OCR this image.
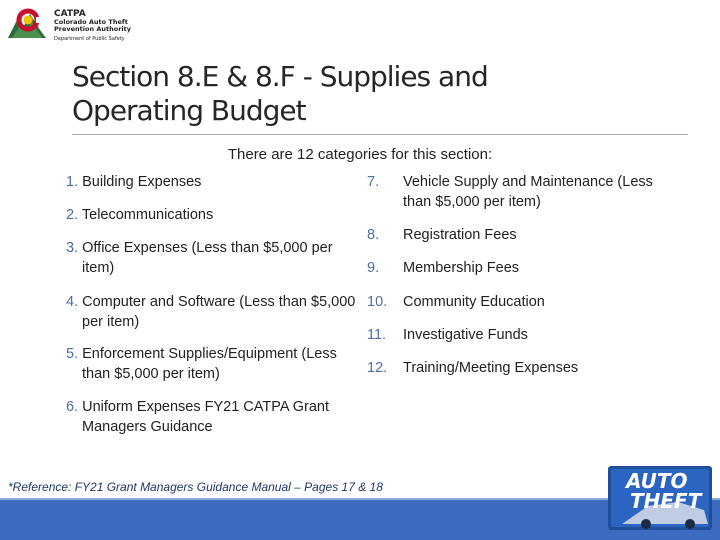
CATPA
Colorado Auto Theft
Prevention Authority
Department of Public Safety
Section 8.E & 8.F - Supplies and
Operating Budget
There are 12 categories for this section:
1. Building Expenses
2. Telecommunications
3. Office Expenses (Less than $5,000 per item)
4. Computer and Software (Less than $5,000 per item)
5. Enforcement Supplies/Equipment (Less than $5,000 per item)
6. Uniform Expenses FY21 CATPA Grant Managers Guidance
7. Vehicle Supply and Maintenance (Less than $5,000 per item)
8. Registration Fees
9. Membership Fees
10. Community Education
11. Investigative Funds
12. Training/Meeting Expenses
*Reference: FY21 Grant Managers Guidance Manual – Pages 17 & 18	AUTO
THEFT
